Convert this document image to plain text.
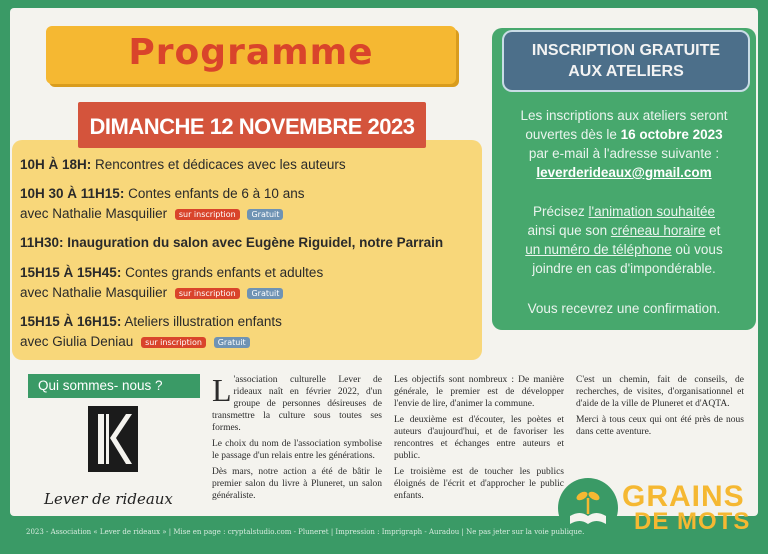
Programme
DIMANCHE 12 NOVEMBRE 2023
10H À 18H: Rencontres et dédicaces avec les auteurs
10H 30 À 11H15: Contes enfants de 6 à 10 ans
avec Nathalie Masquilier sur inscription Gratuit
11H30: Inauguration du salon avec Eugène Riguidel, notre Parrain
15H15 À 15H45: Contes grands enfants et adultes
avec Nathalie Masquilier sur inscription Gratuit
15H15 À 16H15: Ateliers illustration enfants
avec Giulia Deniau sur inscription Gratuit
INSCRIPTION GRATUITE
AUX ATELIERS
Les inscriptions aux ateliers seront
ouvertes dès le 16 octobre 2023
par e-mail à l'adresse suivante :
leverderideaux@gmail.com
Précisez l'animation souhaitée
ainsi que son créneau horaire et
un numéro de téléphone où vous
joindre en cas d'impondérable.
Vous recevrez une confirmation.
Qui sommes- nous ?
Lever de rideaux

L 'association culturelle Lever de rideaux naît en février 2022, d'un groupe de personnes désireuses de transmettre la culture sous toutes ses formes.

Le choix du nom de l'association symbolise le passage d'un relais entre les générations.

Dès mars, notre action a été de bâtir le premier salon du livre à Pluneret, un salon généraliste.

Les objectifs sont nombreux : De manière générale, le premier est de développer l'envie de lire, d'animer la commune.

Le deuxième est d'écouter, les poètes et auteurs d'aujourd'hui, et de favoriser les rencontres et échanges entre auteurs et public.

Le troisième est de toucher les publics éloignés de l'écrit et d'approcher le public enfants.

C'est un chemin, fait de conseils, de recherches, de visites, d'organisationnel et d'aide de la ville de Pluneret et d'AQTA.

Merci à tous ceux qui ont été près de nous dans cette aventure.

GRAINS
DE MOTS
2023 - Association « Lever de rideaux » | Mise en page : cryptalstudio.com - Pluneret | Impression : Imprigraph - Auradou | Ne pas jeter sur la voie publique.
